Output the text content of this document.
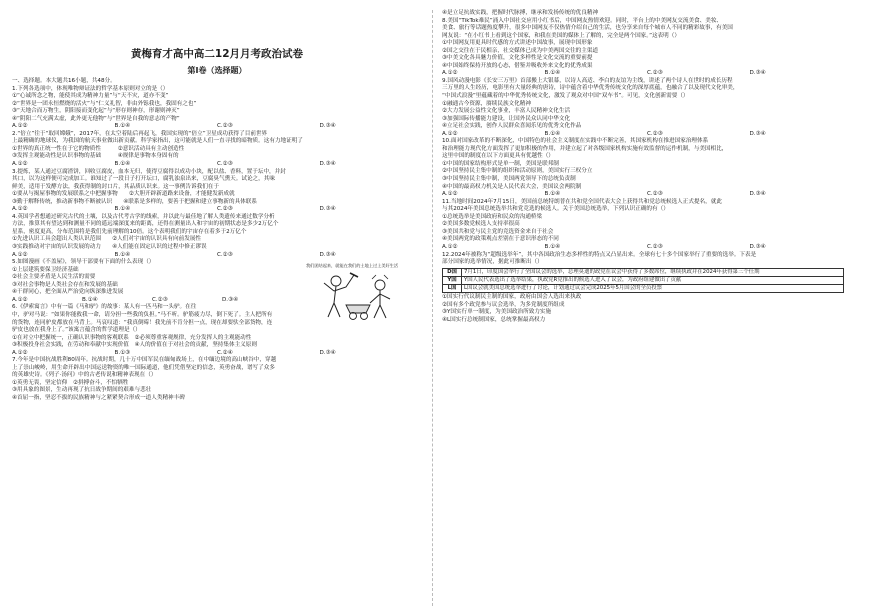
黄梅育才高中高二12月月考政治试卷
第Ⅰ卷（选择题）

一、选择题。本大题共16小题，共48分。

1.下列各选项中，体现唯物辩证法的哲学基本原则对立的是（）

①“心诚所念之物，能使其成为精神力量”与“天不灾，道亦不变”

②“世界是一团永恒燃烧的活火”与“仁义礼智，非由外铄我也，我固有之也”

③“天地合而万物生，阴阳接而变化起”与“形存则神存，形谢则神灭”

④“阴阳二气充满太虚，此外更无他物”与“世界是自我的意志的产物”

A.①②	B.①④	C.②③	D.③④

2.“倍立”往于“取回嫦娥”，2017年，在太空着陆后再起飞，我国实现的“倍立”卫星成功获得了目前世界

上最精确的地球仪，为我国的航天事业做出新贡献。科学家指出，这可能就是人们一直寻找的暗物质。这有力地证明了

①世界的真正统一性在于它的物质性　　　②意识活动具有主动创造性

③发挥主观能动性是认识事物的基础　　　④规律是事物本身固有的

A.①②	B.①④	C.②③	D.③④

3.提炼，某人通过豆腐渣饼，回收豆腐皮，血本无归，使得豆腐得以成功小块，配以盐、香料，置于坛中，并封

其口，以为这样便可完成加工。谁知过了一段日子打开坛口，腐乳浊泉出来，豆腐臭气熏天。试论之，其味

鲜美，适用于发酵方法，我获得制的封口片，其品质认识来。这一事例告诉我们在于

①要从与揭屋事物的发展联系之中把握事物　　②大胆开辟新道路来设备，才能健发新成就

③勤于解释传统，推动新事物不断被认识　　④联系是多样的，要善于把握和建立事物新的具体联系

A.①②	B.①④	C.②③	D.③④

4.英国学者想通过研究古代的土壤，以及古代考古学的线索，并以此与最佳地了解人类遗传来通过数学分析

方法，推算其有望达到和测量不同的遥远端深度来的距离，还得在测量出人和宇宙的初期状态是多少2万亿个

星系，密度更高，分布范围将是我们先前理解的10倍。这个表明我们的宇宙存在着多于2万亿个

①先进认识工具会超出人类认识范围　　②人们对宇宙的认识具有向前发展性

③实践推动对宇宙的认识发展的动力　　④人们能在固定认识的过程中修正谬误

A.①②	B.①④	C.②③	D.③④

5.如图漫画《不盖屋》，领导干部要有下面的什么表现（）

①上层建筑要保卫经济基础

②社会主要矛盾是人民生活的需要

③对社会事物是人类社会存在和发展的基础

④干群同心，把全面从严治党向纵深推进发展

A.①②	B.①④	C.②③	D.③④
我们团结起来，就能在我们的土地上过上美好生活

6.《伊索寓言》中有一篇《马和驴》的故事：某人有一匹马和一头驴。在往

中，驴对马说：“如果你能救我一命，请分担一些我的负担。”马不听。驴筋疲力尽，倒下死了。主人把所有

的货物，连同驴皮都放在马背上。马哀叹道：“我真倒霉！我先前不肯分担一点，现在却要驮全部货物，连

驴皮也放在我身上了。”该寓言蕴含的哲学道理是（）

①在对立中把握统一，正确认识事物的客观联系　②必须尊重客观规律，充分发挥人的主观能动性

③积极投身社会实践，在劳动和奉献中实现价值　④人的价值在于对社会的贡献，坚持集体主义原则

A.①②	B.①③	C.②④	D.③④

7.今年是中国抗战胜利80周年。抗战时期，几十万中国军民在缅甸战场上，在中缅边境的高山峡谷中，穿越

上了崇山峻岭，用生命开辟出中国运送物资的唯一国际通道，他们凭借坚定的信念，英勇奋战，谱写了众多

的英雄史诗。《列子·汤问》中的古老传说和精神表现在（）

①英勇无畏，坚定信仰　②拼搏奋斗，不怕牺牲

③用具象的图景，生动再现了抗日战争期间的艰难与悲壮

④首屈一指，坚忍不拔的民族精神与之紧紧契合形成一道人类精神丰碑

④是立足抗战实践，把握时代脉搏，继承和发扬传统的优良精神

8.美国“TikTok难民”涌入中国社交应用小红书后，中国网友热情欢迎。同时，平台上的中美网友交流美食、美妆、

美食、旅行等话题热度攀升，很多中国网友不仅热情介绍自己的生活，也分享来自每个城市人不同的精彩故事，有美国

网友说：“在小红书上看到这个国家，和我在美国的媒体上了解的，完全是两个国家。”这表明（）

①中国网友用更具时代感的方式讲述中国故事，展现中国形象

②国之交往在于民相亲，社交媒体已成为中美两国交往的主渠道

③中美文化各具魅力价值，文化多样性是文化交流的重要前提

④中国始终保持开放的心态，借鉴并吸收外来文化的优秀成果

A.①②	B.①④	C.②③	D.③④

9.国风动漫电影《长安三万里》首部搬上大银幕，以诗人高适、李白的友谊为主线，讲述了两个诗人在世时的成长历程

三万里的人生经历，电影里有大量经典的唐诗，诗中蕴含着中华优秀传统文化的深厚底蕴，也融合了以及现代文化审美，

“中国式浪漫”里蕴藏着的中华优秀传统文化，激发了观众对中国“双车书”。可见，文化创新需要（）

①融通古今资源，赓续民族文化精神

②大力发展公益性文化事业，丰富人民精神文化生活

③加强国际传播能力建设，让国外民众认同中华文化

④立足社会实践，创作人民群众喜闻乐见的优秀文化作品

A.①②	B.①④	C.②③	D.③④

10.面对国家改革的不断深化，中国特色的社会主义制度在实践中不断完善，其国家机构在推进国家治理体系

和治理能力现代化方面发挥了更加积极的作用，并建立起了对各级国家机构实施有效监督的运作机制，与美国相比，

这里中国的制度在以下方面更具有优越性（）

①中国的国家结构形式是单一制，美国是联邦制

②中国坚持民主集中制的组织和活动原则，美国实行三权分立

③中国坚持民主集中制，美国两党领导下的总统负责制

④中国的最高权力机关是人民代表大会，美国议会两院制

A.①②	B.①④	C.②③	D.③④

11.当地时间2024年7月15日，美国前总统特朗普在共和党全国代表大会上获得共和党总统候选人正式提名，就此

与其2024年美国总统选举共和党竞选的候选人。关于美国总统选举，下列认识正确的有（）

①总统选举是美国政府和民众的沟通桥梁

②美国多数党候选人支持率很高

③美国共和党与民主党的竞选资金来自于社会

④美国两党的政策观点差别在于意识形态的不同

A.①②	B.①④	C.②③	D.③④

12.2024年被称为“超级选举年”，其中各国政治生态多样性的特点又凸显出来。全球有七十多个国家举行了重要的选举。下表是

部分国家的选举情况，据此可推断出（）

D国	7月1日，印度国会举行了全国议会的选举，总理莫迪的政党在议会中获得了多数席位，继续执政并在2024年获得第三个任期
Y国	Y国人民代表选出了选举结果，执政党R党推出的候选人进入了议会，为政府组建做出了贡献
L国	L国议会就美国总统选举进行了讨论，计划通过议会完成2025年5月国会的全员投票

①国实行代议制民主制的国家，政府由国会人选出来执政

②国有多个政党参与议会选举，为多党制度所组成

③Y国实行单一制度，为美国政治所致力实施

④L国实行总统制国家，总统掌握最高权力
